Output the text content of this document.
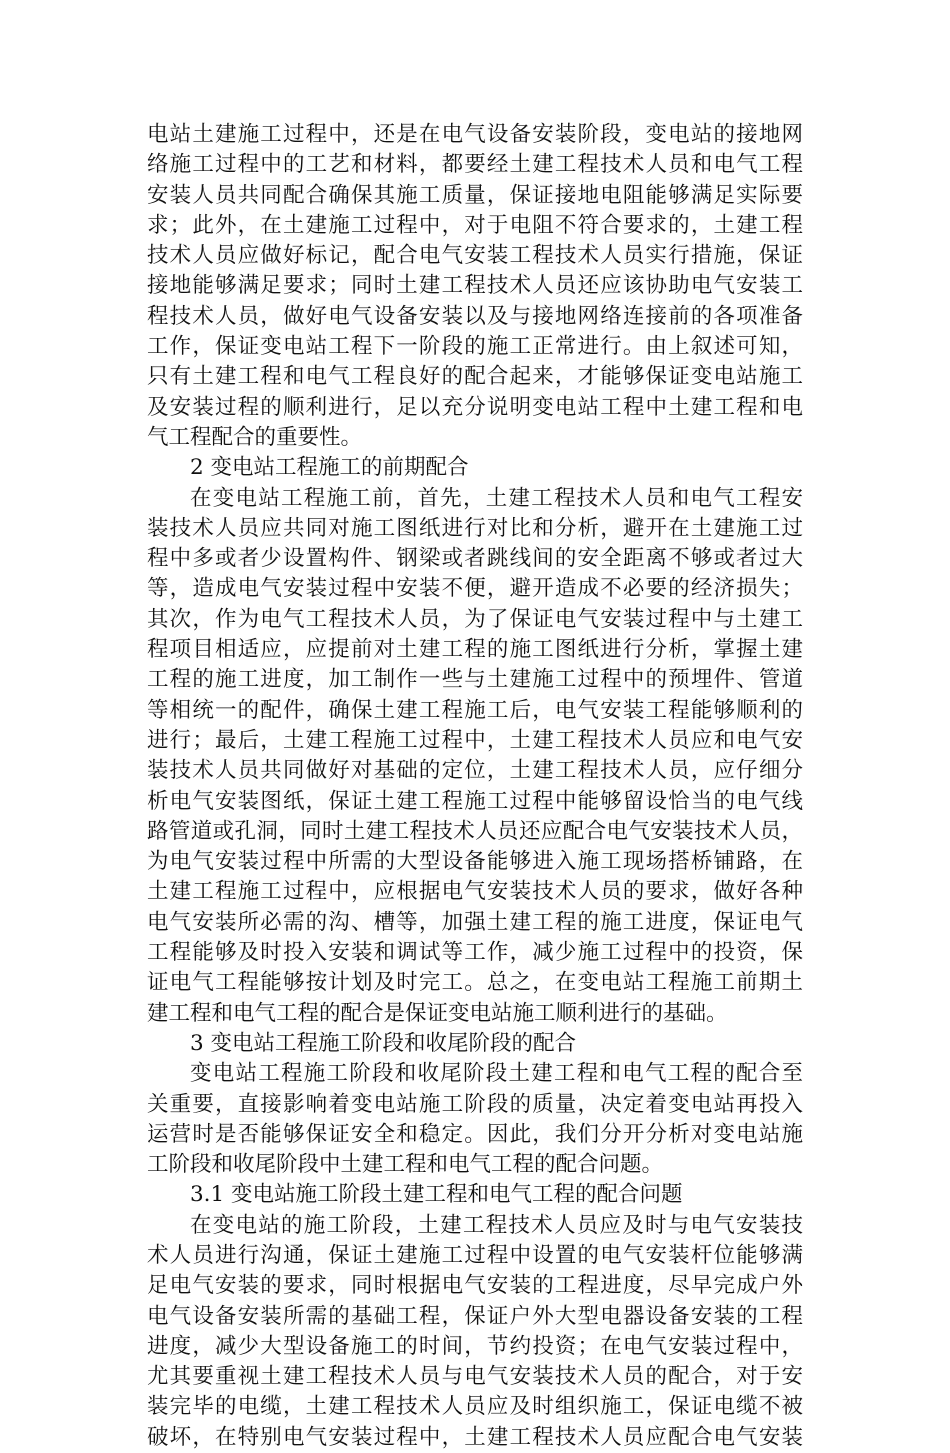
电站土建施工过程中，还是在电气设备安装阶段，变电站的接地网
络施工过程中的工艺和材料，都要经土建工程技术人员和电气工程
安装人员共同配合确保其施工质量，保证接地电阻能够满足实际要
求；此外，在土建施工过程中，对于电阻不符合要求的，土建工程
技术人员应做好标记，配合电气安装工程技术人员实行措施，保证
接地能够满足要求；同时土建工程技术人员还应该协助电气安装工
程技术人员，做好电气设备安装以及与接地网络连接前的各项准备
工作，保证变电站工程下一阶段的施工正常进行。由上叙述可知，
只有土建工程和电气工程良好的配合起来，才能够保证变电站施工
及安装过程的顺利进行，足以充分说明变电站工程中土建工程和电
气工程配合的重要性。
2 变电站工程施工的前期配合
在变电站工程施工前，首先，土建工程技术人员和电气工程安
装技术人员应共同对施工图纸进行对比和分析，避开在土建施工过
程中多或者少设置构件、钢梁或者跳线间的安全距离不够或者过大
等，造成电气安装过程中安装不便，避开造成不必要的经济损失；
其次，作为电气工程技术人员，为了保证电气安装过程中与土建工
程项目相适应，应提前对土建工程的施工图纸进行分析，掌握土建
工程的施工进度，加工制作一些与土建施工过程中的预埋件、管道
等相统一的配件，确保土建工程施工后，电气安装工程能够顺利的
进行；最后，土建工程施工过程中，土建工程技术人员应和电气安
装技术人员共同做好对基础的定位，土建工程技术人员，应仔细分
析电气安装图纸，保证土建工程施工过程中能够留设恰当的电气线
路管道或孔洞，同时土建工程技术人员还应配合电气安装技术人员，
为电气安装过程中所需的大型设备能够进入施工现场搭桥铺路，在
土建工程施工过程中，应根据电气安装技术人员的要求，做好各种
电气安装所必需的沟、槽等，加强土建工程的施工进度，保证电气
工程能够及时投入安装和调试等工作，减少施工过程中的投资，保
证电气工程能够按计划及时完工。总之，在变电站工程施工前期土
建工程和电气工程的配合是保证变电站施工顺利进行的基础。
3 变电站工程施工阶段和收尾阶段的配合
变电站工程施工阶段和收尾阶段土建工程和电气工程的配合至
关重要，直接影响着变电站施工阶段的质量，决定着变电站再投入
运营时是否能够保证安全和稳定。因此，我们分开分析对变电站施
工阶段和收尾阶段中土建工程和电气工程的配合问题。
3.1 变电站施工阶段土建工程和电气工程的配合问题
在变电站的施工阶段，土建工程技术人员应及时与电气安装技
术人员进行沟通，保证土建施工过程中设置的电气安装杆位能够满
足电气安装的要求，同时根据电气安装的工程进度，尽早完成户外
电气设备安装所需的基础工程，保证户外大型电器设备安装的工程
进度，减少大型设备施工的时间，节约投资；在电气安装过程中，
尤其要重视土建工程技术人员与电气安装技术人员的配合，对于安
装完毕的电缆，土建工程技术人员应及时组织施工，保证电缆不被
破坏，在特别电气安装过程中，土建工程技术人员应配合电气安装
